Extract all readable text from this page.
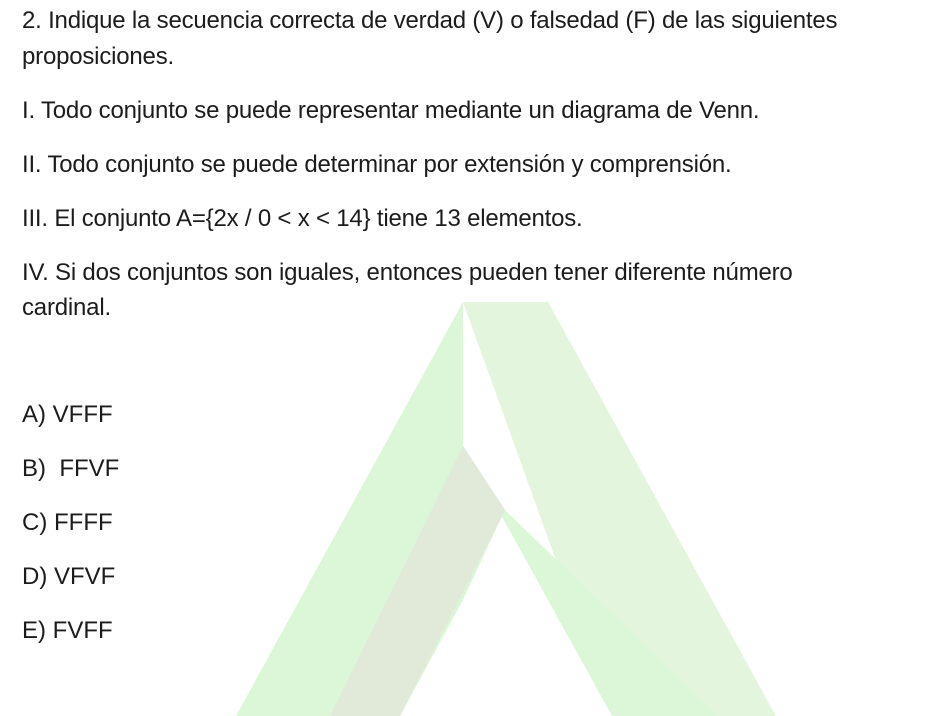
2. Indique la secuencia correcta de verdad (V) o falsedad (F) de las siguientes
proposiciones.
I. Todo conjunto se puede representar mediante un diagrama de Venn.
II. Todo conjunto se puede determinar por extensión y comprensión.
III. El conjunto A={2x / 0 < x < 14} tiene 13 elementos.
IV. Si dos conjuntos son iguales, entonces pueden tener diferente número
cardinal.
A) VFFF
B)  FFVF
C) FFFF
D) VFVF
E) FVFF
